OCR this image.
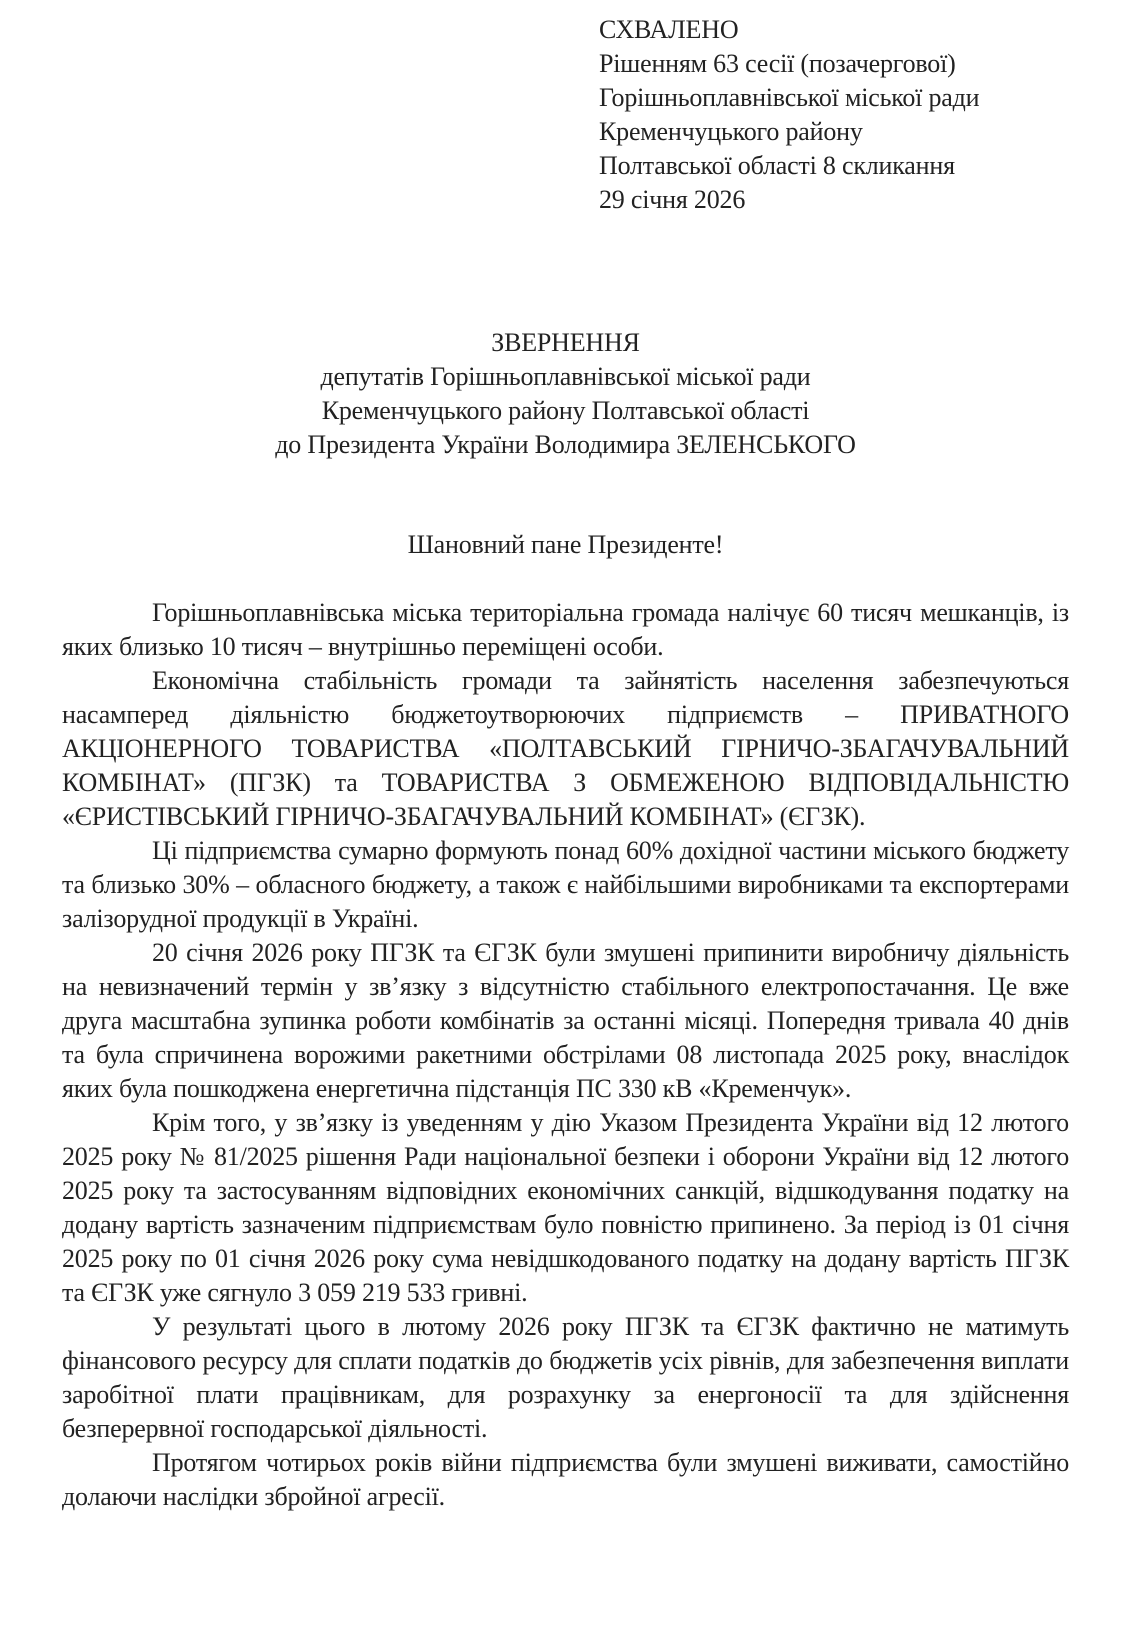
СХВАЛЕНО
Рішенням 63 сесії (позачергової)
Горішньоплавнівської міської ради
Кременчуцького району
Полтавської області 8 скликання
29 січня 2026
ЗВЕРНЕННЯ
депутатів Горішньоплавнівської міської ради
Кременчуцького району Полтавської області
до Президента України Володимира ЗЕЛЕНСЬКОГО
Шановний пане Президенте!

Горішньоплавнівська міська територіальна громада налічує 60 тисяч мешканців, із яких близько 10 тисяч – внутрішньо переміщені особи.

Економічна стабільність громади та зайнятість населення забезпечуються насамперед діяльністю бюджетоутворюючих підприємств – ПРИВАТНОГО АКЦІОНЕРНОГО ТОВАРИСТВА «ПОЛТАВСЬКИЙ ГІРНИЧО-ЗБАГАЧУВАЛЬНИЙ КОМБІНАТ» (ПГЗК) та ТОВАРИСТВА З ОБМЕЖЕНОЮ ВІДПОВІДАЛЬНІСТЮ «ЄРИСТІВСЬКИЙ ГІРНИЧО-ЗБАГАЧУВАЛЬНИЙ КОМБІНАТ» (ЄГЗК).

Ці підприємства сумарно формують понад 60% дохідної частини міського бюджету та близько 30% – обласного бюджету, а також є найбільшими виробниками та експортерами залізорудної продукції в Україні.

20 січня 2026 року ПГЗК та ЄГЗК були змушені припинити виробничу діяльність на невизначений термін у зв’язку з відсутністю стабільного електропостачання. Це вже друга масштабна зупинка роботи комбінатів за останні місяці. Попередня тривала 40 днів та була спричинена ворожими ракетними обстрілами 08 листопада 2025 року, внаслідок яких була пошкоджена енергетична підстанція ПС 330 кВ «Кременчук».

Крім того, у зв’язку із уведенням у дію Указом Президента України від 12 лютого 2025 року № 81/2025 рішення Ради національної безпеки і оборони України від 12 лютого 2025 року та застосуванням відповідних економічних санкцій, відшкодування податку на додану вартість зазначеним підприємствам було повністю припинено. За період із 01 січня 2025 року по 01 січня 2026 року сума невідшкодованого податку на додану вартість ПГЗК та ЄГЗК уже сягнуло 3 059 219 533 гривні.

У результаті цього в лютому 2026 року ПГЗК та ЄГЗК фактично не матимуть фінансового ресурсу для сплати податків до бюджетів усіх рівнів, для забезпечення виплати заробітної плати працівникам, для розрахунку за енергоносії та для здійснення безперервної господарської діяльності.

Протягом чотирьох років війни підприємства були змушені виживати, самостійно долаючи наслідки збройної агресії.
